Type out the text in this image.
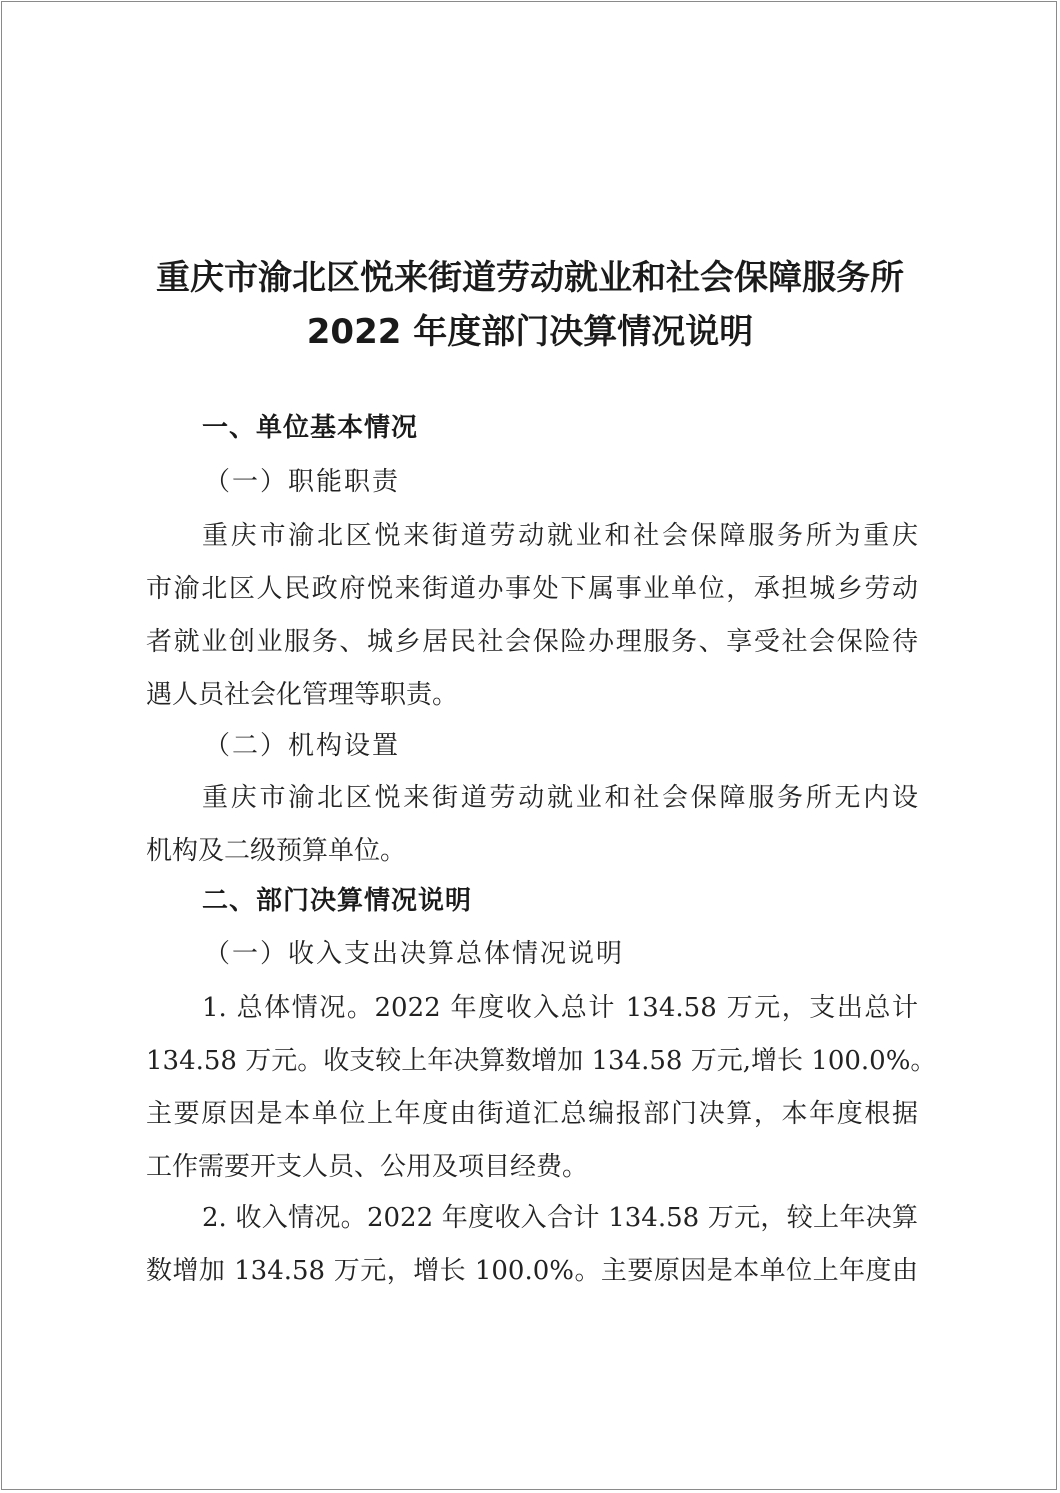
重庆市渝北区悦来街道劳动就业和社会保障服务所
2022 年度部门决算情况说明
一、单位基本情况
（一）职能职责
重庆市渝北区悦来街道劳动就业和社会保障服务所为重庆
市渝北区人民政府悦来街道办事处下属事业单位，承担城乡劳动
者就业创业服务、城乡居民社会保险办理服务、享受社会保险待
遇人员社会化管理等职责。
（二）机构设置
重庆市渝北区悦来街道劳动就业和社会保障服务所无内设
机构及二级预算单位。
二、部门决算情况说明
（一）收入支出决算总体情况说明
1. 总体情况。2022 年度收入总计 134.58 万元，支出总计
134.58 万元。收支较上年决算数增加 134.58 万元,增长 100.0%。
主要原因是本单位上年度由街道汇总编报部门决算，本年度根据
工作需要开支人员、公用及项目经费。
2. 收入情况。2022 年度收入合计 134.58 万元，较上年决算
数增加 134.58 万元，增长 100.0%。主要原因是本单位上年度由
